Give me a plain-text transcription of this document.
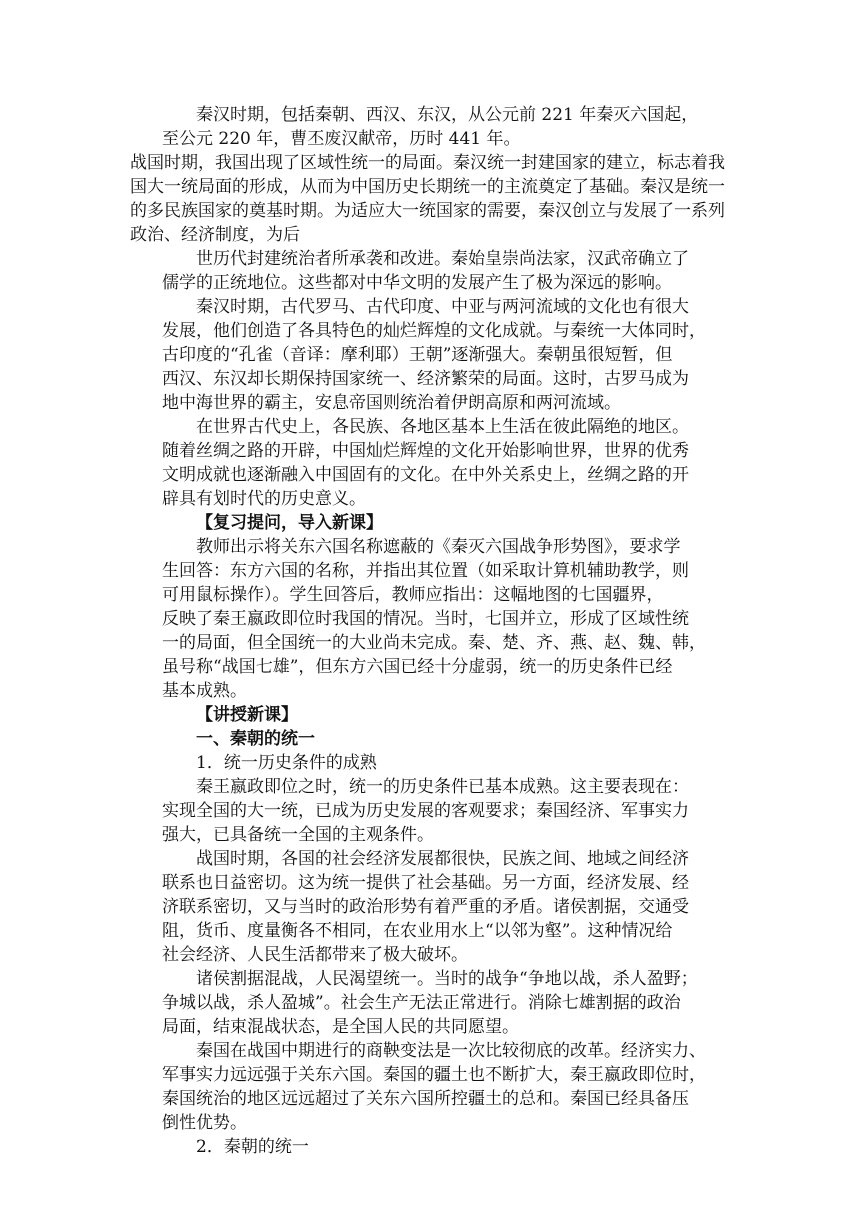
秦汉时期，包括秦朝、西汉、东汉，从公元前 221 年秦灭六国起，

至公元 220 年，曹丕废汉献帝，历时 441 年。

战国时期，我国出现了区域性统一的局面。秦汉统一封建国家的建立，标志着我

国大一统局面的形成，从而为中国历史长期统一的主流奠定了基础。秦汉是统一

的多民族国家的奠基时期。为适应大一统国家的需要，秦汉创立与发展了一系列

政治、经济制度，为后

世历代封建统治者所承袭和改进。秦始皇崇尚法家，汉武帝确立了

儒学的正统地位。这些都对中华文明的发展产生了极为深远的影响。

秦汉时期，古代罗马、古代印度、中亚与两河流域的文化也有很大

发展，他们创造了各具特色的灿烂辉煌的文化成就。与秦统一大体同时，

古印度的“孔雀（音译：摩利耶）王朝”逐渐强大。秦朝虽很短暂，但

西汉、东汉却长期保持国家统一、经济繁荣的局面。这时，古罗马成为

地中海世界的霸主，安息帝国则统治着伊朗高原和两河流域。

在世界古代史上，各民族、各地区基本上生活在彼此隔绝的地区。

随着丝绸之路的开辟，中国灿烂辉煌的文化开始影响世界，世界的优秀

文明成就也逐渐融入中国固有的文化。在中外关系史上，丝绸之路的开

辟具有划时代的历史意义。

【复习提问，导入新课】

教师出示将关东六国名称遮蔽的《秦灭六国战争形势图》，要求学

生回答：东方六国的名称，并指出其位置（如采取计算机辅助教学，则

可用鼠标操作）。学生回答后，教师应指出：这幅地图的七国疆界，

反映了秦王嬴政即位时我国的情况。当时，七国并立，形成了区域性统

一的局面，但全国统一的大业尚未完成。秦、楚、齐、燕、赵、魏、韩，

虽号称“战国七雄”，但东方六国已经十分虚弱，统一的历史条件已经

基本成熟。

【讲授新课】

一、秦朝的统一

1．统一历史条件的成熟

秦王嬴政即位之时，统一的历史条件已基本成熟。这主要表现在：

实现全国的大一统，已成为历史发展的客观要求；秦国经济、军事实力

强大，已具备统一全国的主观条件。

战国时期，各国的社会经济发展都很快，民族之间、地域之间经济

联系也日益密切。这为统一提供了社会基础。另一方面，经济发展、经

济联系密切，又与当时的政治形势有着严重的矛盾。诸侯割据，交通受

阻，货币、度量衡各不相同，在农业用水上“以邻为壑”。这种情况给

社会经济、人民生活都带来了极大破坏。

诸侯割据混战，人民渴望统一。当时的战争“争地以战，杀人盈野；

争城以战，杀人盈城”。社会生产无法正常进行。消除七雄割据的政治

局面，结束混战状态，是全国人民的共同愿望。

秦国在战国中期进行的商鞅变法是一次比较彻底的改革。经济实力、

军事实力远远强于关东六国。秦国的疆土也不断扩大，秦王嬴政即位时，

秦国统治的地区远远超过了关东六国所控疆土的总和。秦国已经具备压

倒性优势。

2．秦朝的统一
